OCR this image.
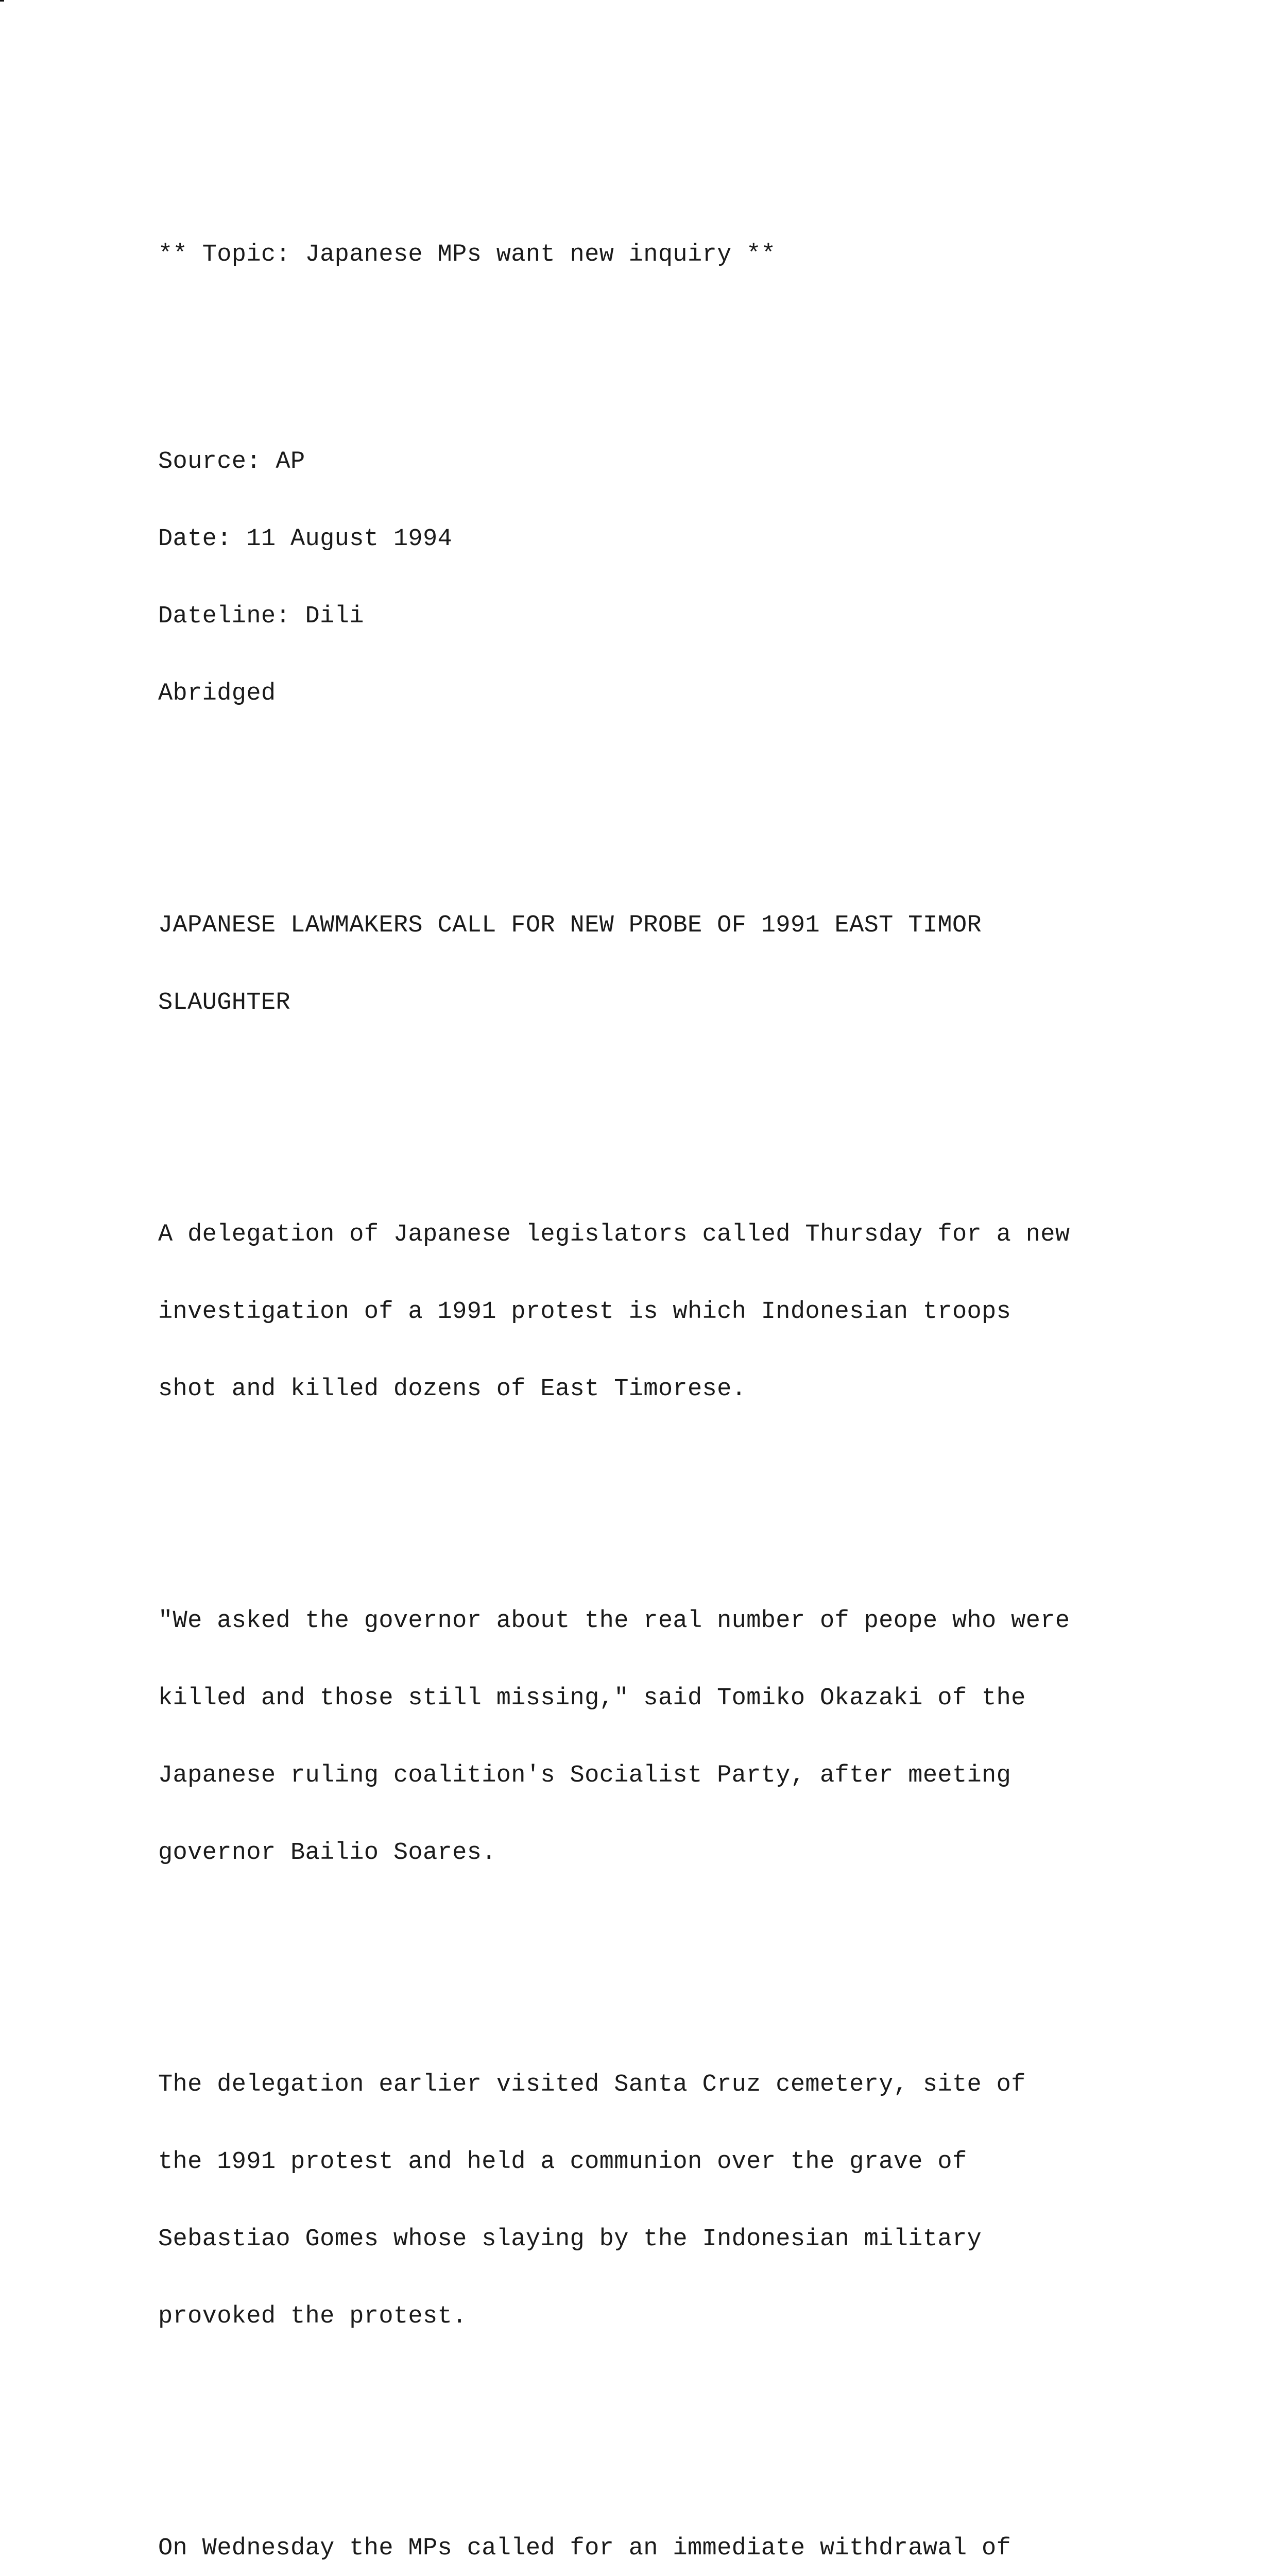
** Topic: Japanese MPs want new inquiry **

Source: AP

Date: 11 August 1994

Dateline: Dili

Abridged

JAPANESE LAWMAKERS CALL FOR NEW PROBE OF 1991 EAST TIMOR

SLAUGHTER

A delegation of Japanese legislators called Thursday for a new

investigation of a 1991 protest is which Indonesian troops

shot and killed dozens of East Timorese.

"We asked the governor about the real number of peope who were

killed and those still missing," said Tomiko Okazaki of the

Japanese ruling coalition's Socialist Party, after meeting

governor Bailio Soares.

The delegation earlier visited Santa Cruz cemetery, site of

the 1991 protest and held a communion over the grave of

Sebastiao Gomes whose slaying by the Indonesian military

provoked the protest.

On Wednesday the MPs called for an immediate withdrawal of
